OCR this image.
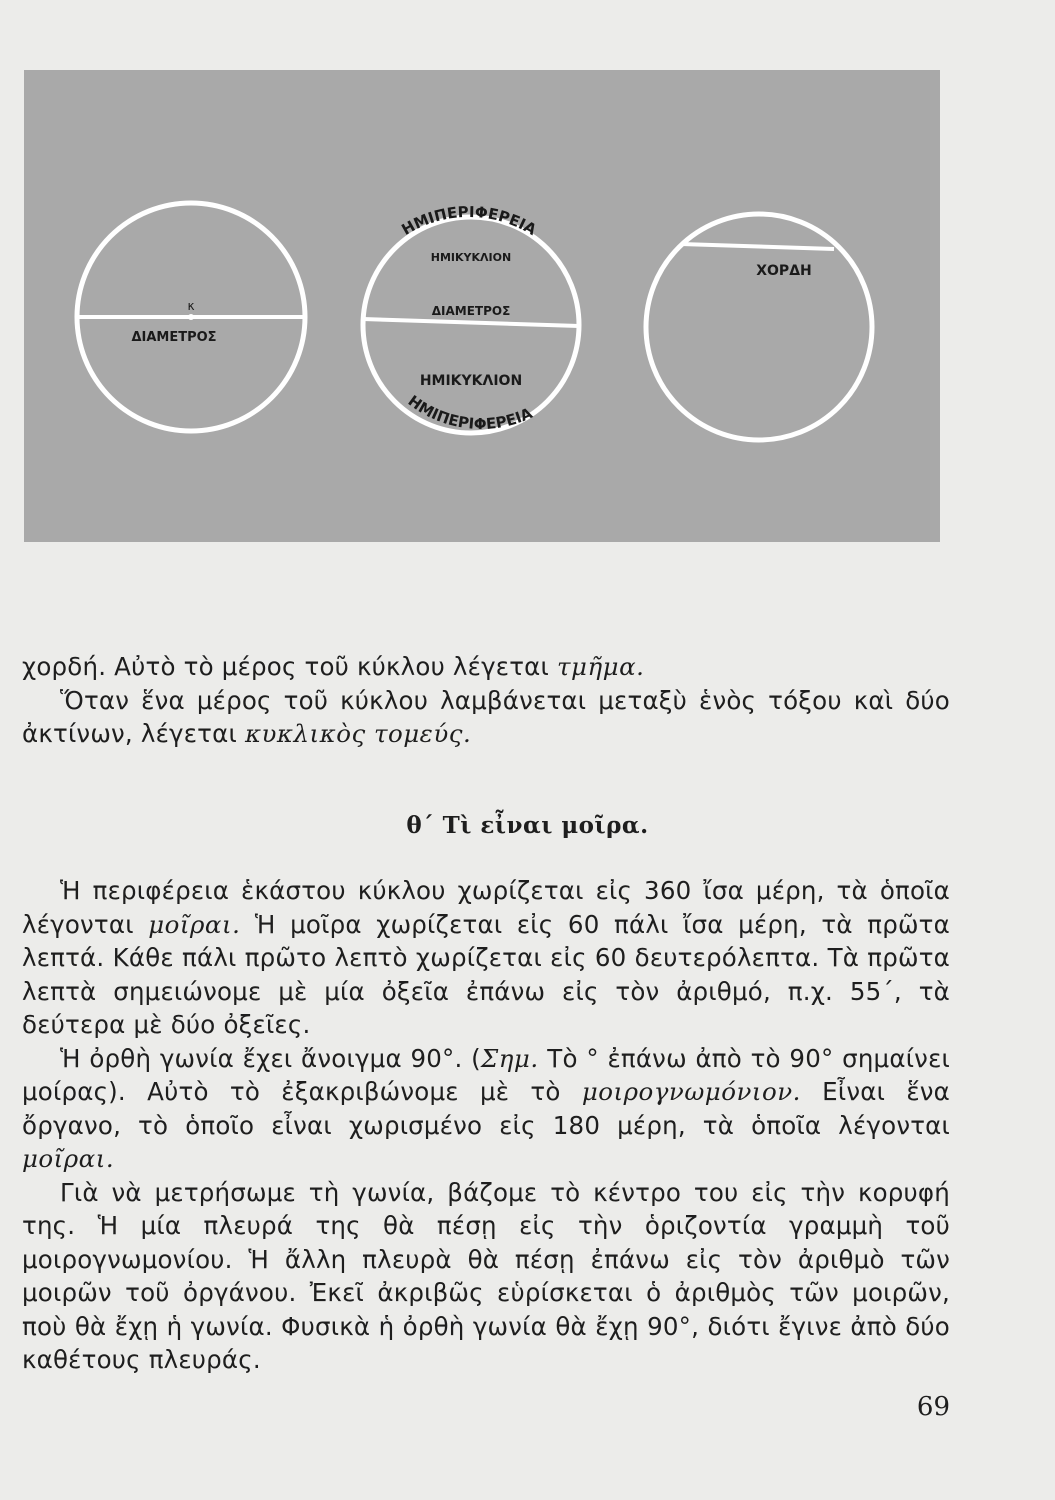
κ
ΔΙΑΜΕΤΡΟΣ
ΗΜΙΠΕΡΙΦΕΡΕΙΑ
ΗΜΙΚΥΚΛΙΟΝ
ΔΙΑΜΕΤΡΟΣ
ΗΜΙΚΥΚΛΙΟΝ
ΗΜΙΠΕΡΙΦΕΡΕΙΑ
ΧΟΡΔΗ

χορδή. Αὐτὸ τὸ μέρος τοῦ κύκλου λέγεται τμῆμα.

Ὅταν ἕνα μέρος τοῦ κύκλου λαμβάνεται μεταξὺ ἑνὸς τόξου καὶ δύο ἀκτίνων, λέγεται κυκλικὸς τομεύς.

θ΄ Τὶ εἶναι μοῖρα.

Ἡ περιφέρεια ἑκάστου κύκλου χωρίζεται εἰς 360 ἴσα μέρη, τὰ ὁποῖα λέγονται μοῖραι. Ἡ μοῖρα χωρίζεται εἰς 60 πάλι ἴσα μέρη, τὰ πρῶτα λεπτά. Κάθε πάλι πρῶτο λεπτὸ χωρίζεται εἰς 60 δευτερόλεπτα. Τὰ πρῶτα λεπτὰ σημειώνομε μὲ μία ὀξεῖα ἐπάνω εἰς τὸν ἀριθμό, π.χ. 55΄, τὰ δεύτερα μὲ δύο ὀξεῖες.

Ἡ ὀρθὴ γωνία ἔχει ἄνοιγμα 90°. (Σημ. Τὸ ° ἐπάνω ἀπὸ τὸ 90° σημαίνει μοίρας). Αὐτὸ τὸ ἐξακριβώνομε μὲ τὸ μοιρογνωμόνιον. Εἶναι ἕνα ὄργανο, τὸ ὁποῖο εἶναι χωρισμένο εἰς 180 μέρη, τὰ ὁποῖα λέγονται μοῖραι.

Γιὰ νὰ μετρήσωμε τὴ γωνία, βάζομε τὸ κέντρο του εἰς τὴν κορυφή της. Ἡ μία πλευρά της θὰ πέσῃ εἰς τὴν ὁριζοντία γραμμὴ τοῦ μοιρογνωμονίου. Ἡ ἄλλη πλευρὰ θὰ πέσῃ ἐπάνω εἰς τὸν ἀριθμὸ τῶν μοιρῶν τοῦ ὀργάνου. Ἐκεῖ ἀκριβῶς εὑρίσκεται ὁ ἀριθμὸς τῶν μοιρῶν, ποὺ θὰ ἔχῃ ἡ γωνία. Φυσικὰ ἡ ὀρθὴ γωνία θὰ ἔχῃ 90°, διότι ἔγινε ἀπὸ δύο καθέτους πλευράς.

69
